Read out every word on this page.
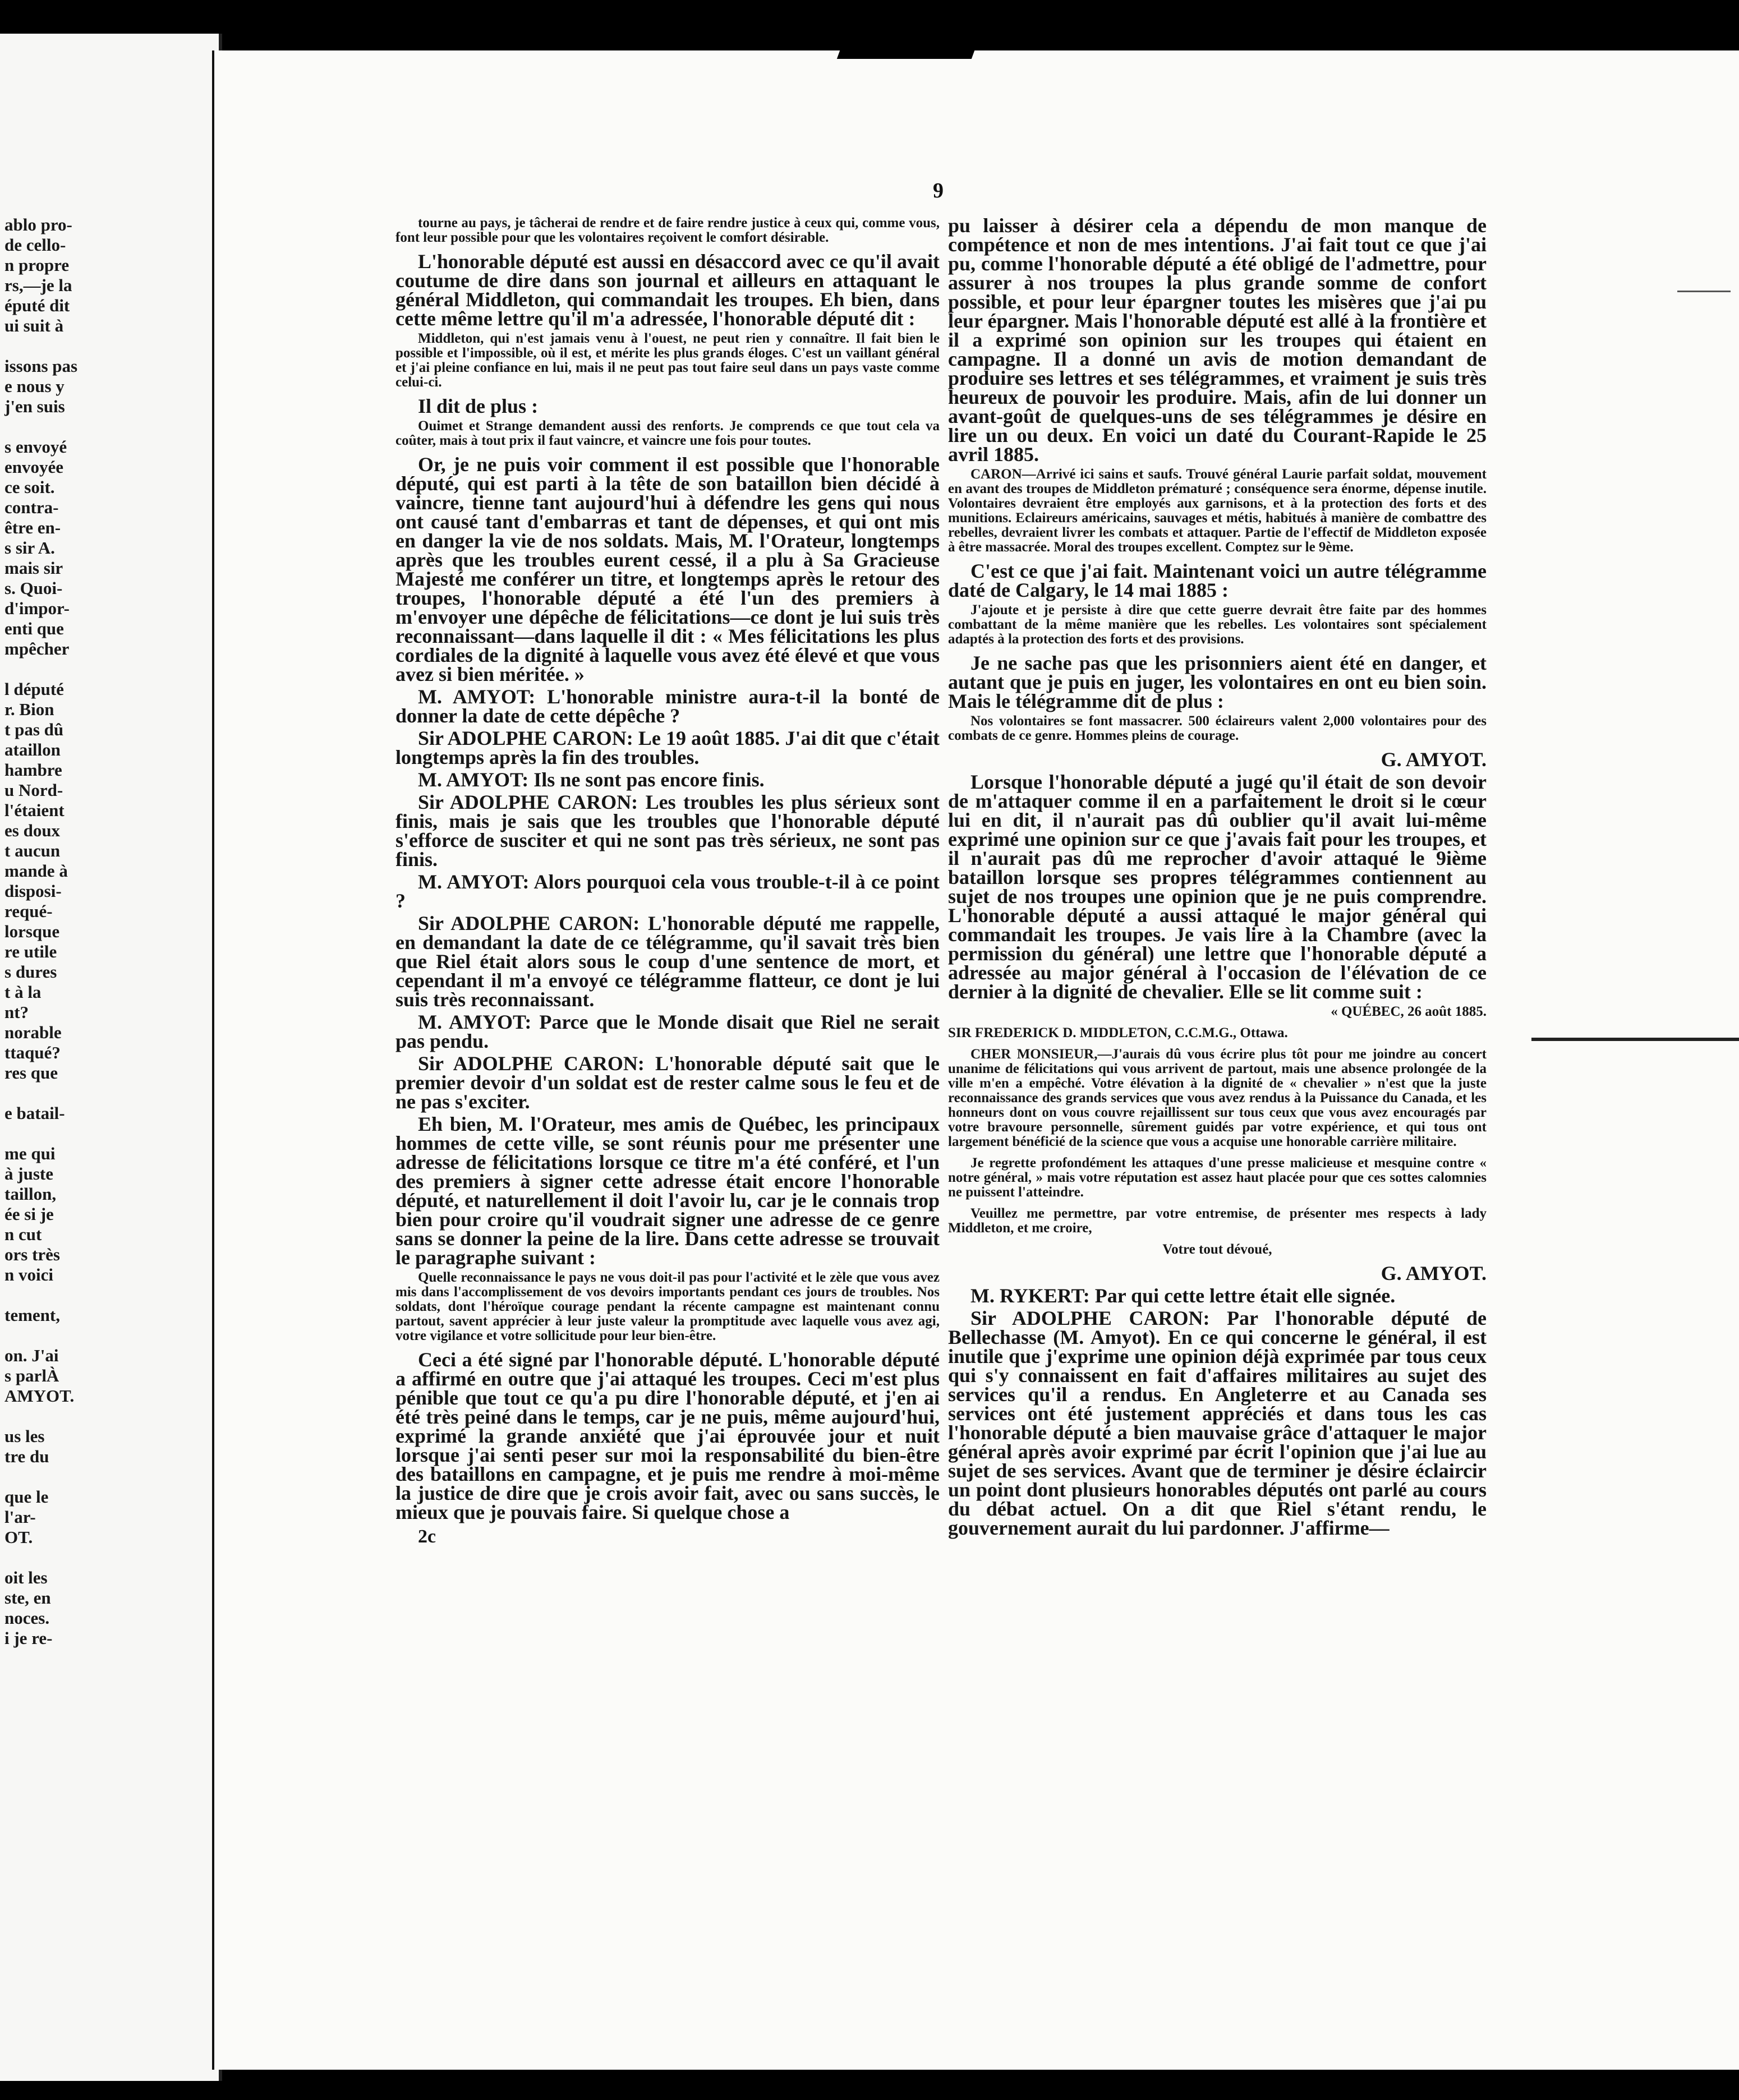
ablo pro-
de cello-
n propre
rs,—je la
éputé dit
ui suit à
issons pas
e nous y
j'en suis
s envoyé
envoyée
ce soit.
contra-
être en-
s sir A.
mais sir
s. Quoi-
d'impor-
enti que
mpêcher
l député
r. Bion
t pas dû
ataillon
hambre
u Nord-
l'étaient
es doux
t aucun
mande à
disposi-
requé-
lorsque
re utile
s dures
t à la
nt?
norable
ttaqué?
res que
e batail-
me qui
à juste
taillon,
ée si je
n cut
ors très
n voici
tement,
on. J'ai
s parlÀ
AMYOT.
us les
tre du
que le
l'ar-
OT.
oit les
ste, en
noces.
i je re-
9

tourne au pays, je tâcherai de rendre et de faire rendre justice à ceux qui, comme vous, font leur possible pour que les volontaires reçoivent le comfort désirable.

L'honorable député est aussi en désaccord avec ce qu'il avait coutume de dire dans son journal et ailleurs en attaquant le général Middleton, qui commandait les troupes. Eh bien, dans cette même lettre qu'il m'a adressée, l'honorable député dit :

Middleton, qui n'est jamais venu à l'ouest, ne peut rien y connaître. Il fait bien le possible et l'impossible, où il est, et mérite les plus grands éloges. C'est un vaillant général et j'ai pleine confiance en lui, mais il ne peut pas tout faire seul dans un pays vaste comme celui-ci.

Il dit de plus :

Ouimet et Strange demandent aussi des renforts. Je comprends ce que tout cela va coûter, mais à tout prix il faut vaincre, et vaincre une fois pour toutes.

Or, je ne puis voir comment il est possible que l'honorable député, qui est parti à la tête de son bataillon bien décidé à vaincre, tienne tant aujourd'hui à défendre les gens qui nous ont causé tant d'embarras et tant de dépenses, et qui ont mis en danger la vie de nos soldats. Mais, M. l'Orateur, longtemps après que les troubles eurent cessé, il a plu à Sa Gracieuse Majesté me conférer un titre, et longtemps après le retour des troupes, l'honorable député a été l'un des premiers à m'envoyer une dépêche de félicitations—ce dont je lui suis très reconnaissant—dans laquelle il dit : « Mes félicitations les plus cordiales de la dignité à laquelle vous avez été élevé et que vous avez si bien méritée. »

M. AMYOT: L'honorable ministre aura-t-il la bonté de donner la date de cette dépêche ?

Sir ADOLPHE CARON: Le 19 août 1885. J'ai dit que c'était longtemps après la fin des troubles.

M. AMYOT: Ils ne sont pas encore finis.

Sir ADOLPHE CARON: Les troubles les plus sérieux sont finis, mais je sais que les troubles que l'honorable député s'efforce de susciter et qui ne sont pas très sérieux, ne sont pas finis.

M. AMYOT: Alors pourquoi cela vous trouble-t-il à ce point ?

Sir ADOLPHE CARON: L'honorable député me rappelle, en demandant la date de ce télégramme, qu'il savait très bien que Riel était alors sous le coup d'une sentence de mort, et cependant il m'a envoyé ce télégramme flatteur, ce dont je lui suis très reconnaissant.

M. AMYOT: Parce que le Monde disait que Riel ne serait pas pendu.

Sir ADOLPHE CARON: L'honorable député sait que le premier devoir d'un soldat est de rester calme sous le feu et de ne pas s'exciter.

Eh bien, M. l'Orateur, mes amis de Québec, les principaux hommes de cette ville, se sont réunis pour me présenter une adresse de félicitations lorsque ce titre m'a été conféré, et l'un des premiers à signer cette adresse était encore l'honorable député, et naturellement il doit l'avoir lu, car je le connais trop bien pour croire qu'il voudrait signer une adresse de ce genre sans se donner la peine de la lire. Dans cette adresse se trouvait le paragraphe suivant :

Quelle reconnaissance le pays ne vous doit-il pas pour l'activité et le zèle que vous avez mis dans l'accomplissement de vos devoirs importants pendant ces jours de troubles. Nos soldats, dont l'héroïque courage pendant la récente campagne est maintenant connu partout, savent apprécier à leur juste valeur la promptitude avec laquelle vous avez agi, votre vigilance et votre sollicitude pour leur bien-être.

Ceci a été signé par l'honorable député. L'honorable député a affirmé en outre que j'ai attaqué les troupes. Ceci m'est plus pénible que tout ce qu'a pu dire l'honorable député, et j'en ai été très peiné dans le temps, car je ne puis, même aujourd'hui, exprimé la grande anxiété que j'ai éprouvée jour et nuit lorsque j'ai senti peser sur moi la responsabilité du bien-être des bataillons en campagne, et je puis me rendre à moi-même la justice de dire que je crois avoir fait, avec ou sans succès, le mieux que je pouvais faire. Si quelque chose a

2c

pu laisser à désirer cela a dépendu de mon manque de compétence et non de mes intentions. J'ai fait tout ce que j'ai pu, comme l'honorable député a été obligé de l'admettre, pour assurer à nos troupes la plus grande somme de confort possible, et pour leur épargner toutes les misères que j'ai pu leur épargner. Mais l'honorable député est allé à la frontière et il a exprimé son opinion sur les troupes qui étaient en campagne. Il a donné un avis de motion demandant de produire ses lettres et ses télégrammes, et vraiment je suis très heureux de pouvoir les produire. Mais, afin de lui donner un avant-goût de quelques-uns de ses télégrammes je désire en lire un ou deux. En voici un daté du Courant-Rapide le 25 avril 1885.

CARON—Arrivé ici sains et saufs. Trouvé général Laurie parfait soldat, mouvement en avant des troupes de Middleton prématuré ; conséquence sera énorme, dépense inutile. Volontaires devraient être employés aux garnisons, et à la protection des forts et des munitions. Eclaireurs américains, sauvages et métis, habitués à manière de combattre des rebelles, devraient livrer les combats et attaquer. Partie de l'effectif de Middleton exposée à être massacrée. Moral des troupes excellent. Comptez sur le 9ème.

C'est ce que j'ai fait. Maintenant voici un autre télégramme daté de Calgary, le 14 mai 1885 :

J'ajoute et je persiste à dire que cette guerre devrait être faite par des hommes combattant de la même manière que les rebelles. Les volontaires sont spécialement adaptés à la protection des forts et des provisions.

Je ne sache pas que les prisonniers aient été en danger, et autant que je puis en juger, les volontaires en ont eu bien soin. Mais le télégramme dit de plus :

Nos volontaires se font massacrer. 500 éclaireurs valent 2,000 volontaires pour des combats de ce genre. Hommes pleins de courage.

G. AMYOT.

Lorsque l'honorable député a jugé qu'il était de son devoir de m'attaquer comme il en a parfaitement le droit si le cœur lui en dit, il n'aurait pas dû oublier qu'il avait lui-même exprimé une opinion sur ce que j'avais fait pour les troupes, et il n'aurait pas dû me reprocher d'avoir attaqué le 9ième bataillon lorsque ses propres télégrammes contiennent au sujet de nos troupes une opinion que je ne puis comprendre. L'honorable député a aussi attaqué le major général qui commandait les troupes. Je vais lire à la Chambre (avec la permission du général) une lettre que l'honorable député a adressée au major général à l'occasion de l'élévation de ce dernier à la dignité de chevalier. Elle se lit comme suit :

« QUÉBEC, 26 août 1885.

SIR FREDERICK D. MIDDLETON, C.C.M.G., Ottawa.

CHER MONSIEUR,—J'aurais dû vous écrire plus tôt pour me joindre au concert unanime de félicitations qui vous arrivent de partout, mais une absence prolongée de la ville m'en a empêché. Votre élévation à la dignité de « chevalier » n'est que la juste reconnaissance des grands services que vous avez rendus à la Puissance du Canada, et les honneurs dont on vous couvre rejaillissent sur tous ceux que vous avez encouragés par votre bravoure personnelle, sûrement guidés par votre expérience, et qui tous ont largement bénéficié de la science que vous a acquise une honorable carrière militaire.

Je regrette profondément les attaques d'une presse malicieuse et mesquine contre « notre général, » mais votre réputation est assez haut placée pour que ces sottes calomnies ne puissent l'atteindre.

Veuillez me permettre, par votre entremise, de présenter mes respects à lady Middleton, et me croire,

Votre tout dévoué,

G. AMYOT.

M. RYKERT: Par qui cette lettre était elle signée.

Sir ADOLPHE CARON: Par l'honorable député de Bellechasse (M. Amyot). En ce qui concerne le général, il est inutile que j'exprime une opinion déjà exprimée par tous ceux qui s'y connaissent en fait d'affaires militaires au sujet des services qu'il a rendus. En Angleterre et au Canada ses services ont été justement appréciés et dans tous les cas l'honorable député a bien mauvaise grâce d'attaquer le major général après avoir exprimé par écrit l'opinion que j'ai lue au sujet de ses services. Avant que de terminer je désire éclaircir un point dont plusieurs honorables députés ont parlé au cours du débat actuel. On a dit que Riel s'étant rendu, le gouvernement aurait du lui pardonner. J'affirme—
